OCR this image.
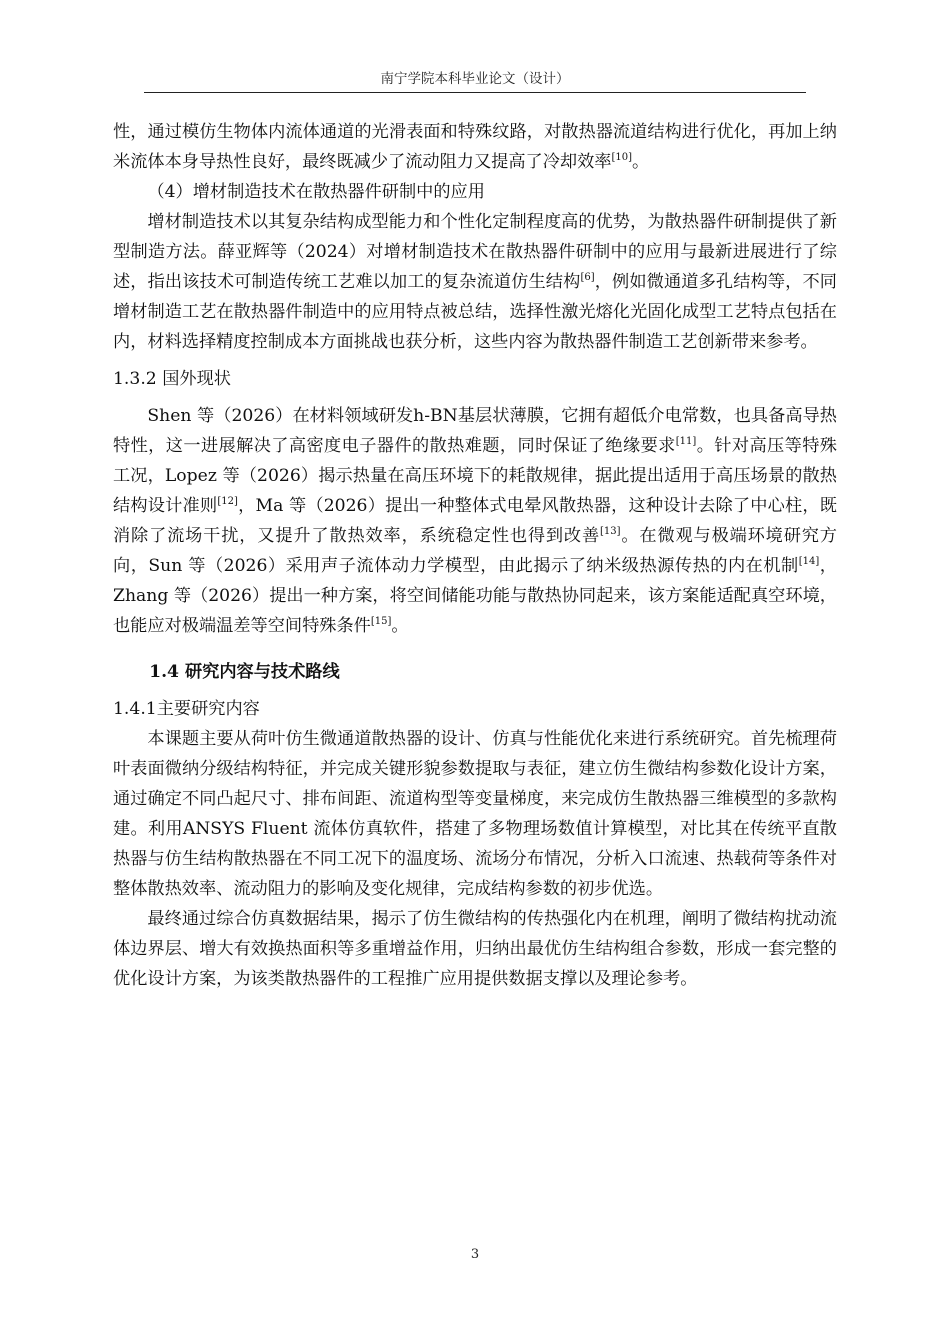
南宁学院本科毕业论文（设计）

性，通过模仿生物体内流体通道的光滑表面和特殊纹路，对散热器流道结构进行优化，再加上纳米流体本身导热性良好，最终既减少了流动阻力又提高了冷却效率[10]。

（4）增材制造技术在散热器件研制中的应用

增材制造技术以其复杂结构成型能力和个性化定制程度高的优势，为散热器件研制提供了新型制造方法。薛亚辉等（2024）对增材制造技术在散热器件研制中的应用与最新进展进行了综述，指出该技术可制造传统工艺难以加工的复杂流道仿生结构[6]，例如微通道多孔结构等，不同增材制造工艺在散热器件制造中的应用特点被总结，选择性激光熔化光固化成型工艺特点包括在内，材料选择精度控制成本方面挑战也获分析，这些内容为散热器件制造工艺创新带来参考。

1.3.2 国外现状

Shen 等（2026）在材料领域研发h-BN基层状薄膜，它拥有超低介电常数，也具备高导热特性，这一进展解决了高密度电子器件的散热难题，同时保证了绝缘要求[11]。针对高压等特殊工况，Lopez 等（2026）揭示热量在高压环境下的耗散规律，据此提出适用于高压场景的散热结构设计准则[12]，Ma 等（2026）提出一种整体式电晕风散热器，这种设计去除了中心柱，既消除了流场干扰，又提升了散热效率，系统稳定性也得到改善[13]。在微观与极端环境研究方向，Sun 等（2026）采用声子流体动力学模型，由此揭示了纳米级热源传热的内在机制[14]， Zhang 等（2026）提出一种方案，将空间储能功能与散热协同起来，该方案能适配真空环境，也能应对极端温差等空间特殊条件[15]。

1.4 研究内容与技术路线

1.4.1主要研究内容

本课题主要从荷叶仿生微通道散热器的设计、仿真与性能优化来进行系统研究。首先梳理荷叶表面微纳分级结构特征，并完成关键形貌参数提取与表征，建立仿生微结构参数化设计方案，通过确定不同凸起尺寸、排布间距、流道构型等变量梯度，来完成仿生散热器三维模型的多款构建。利用ANSYS Fluent 流体仿真软件，搭建了多物理场数值计算模型，对比其在传统平直散热器与仿生结构散热器在不同工况下的温度场、流场分布情况，分析入口流速、热载荷等条件对整体散热效率、流动阻力的影响及变化规律，完成结构参数的初步优选。

最终通过综合仿真数据结果，揭示了仿生微结构的传热强化内在机理，阐明了微结构扰动流体边界层、增大有效换热面积等多重增益作用，归纳出最优仿生结构组合参数，形成一套完整的优化设计方案，为该类散热器件的工程推广应用提供数据支撑以及理论参考。

3
